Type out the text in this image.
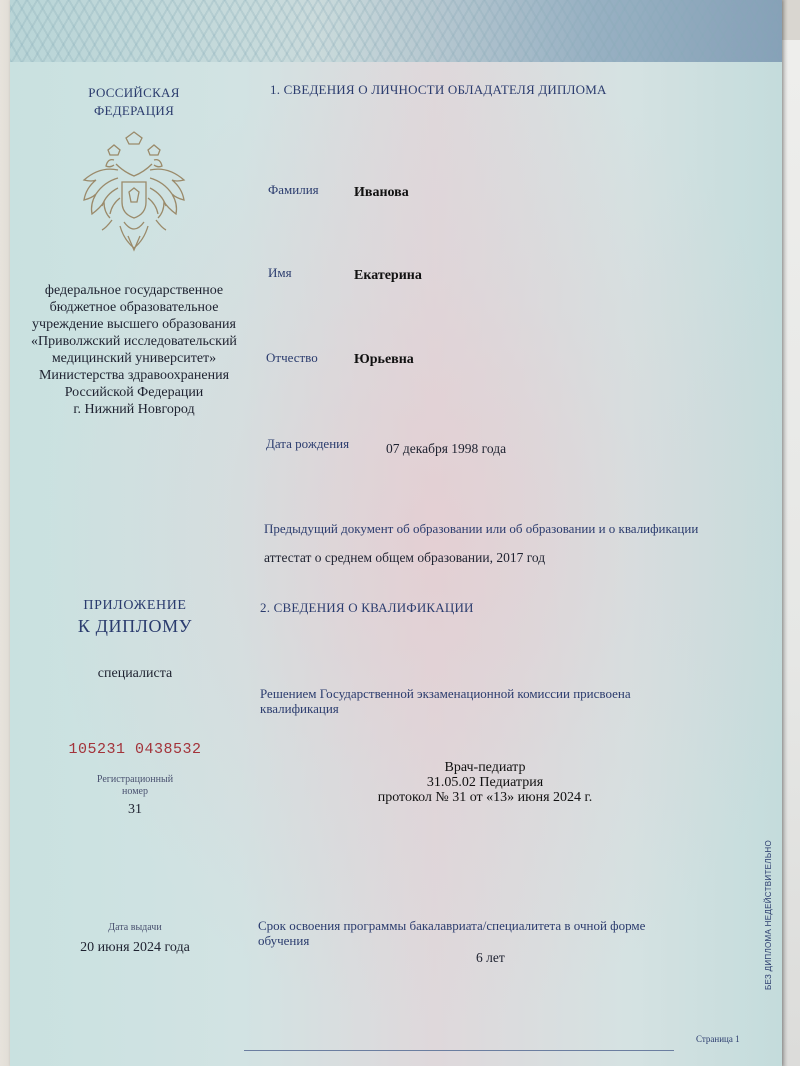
РОССИЙСКАЯ
ФЕДЕРАЦИЯ
федеральное государственное
бюджетное образовательное
учреждение высшего образования
«Приволжский исследовательский
медицинский университет»
Министерства здравоохранения
Российской Федерации
г. Нижний Новгород
ПРИЛОЖЕНИЕ
К ДИПЛОМУ
специалиста
105231 0438532
Регистрационный
номер
31
Дата выдачи
20 июня 2024 года
1. СВЕДЕНИЯ О ЛИЧНОСТИ ОБЛАДАТЕЛЯ ДИПЛОМА
Фамилия	Иванова
Имя	Екатерина
Отчество	Юрьевна
Дата рождения	07 декабря 1998 года
Предыдущий документ об образовании или об образовании и о квалификации
аттестат о среднем общем образовании, 2017 год
2. СВЕДЕНИЯ О КВАЛИФИКАЦИИ
Решением Государственной экзаменационной комиссии присвоена
квалификация
Врач-педиатр
31.05.02 Педиатрия
протокол № 31 от «13» июня 2024 г.
Срок освоения программы бакалавриата/специалитета в очной форме
обучения
6 лет	БЕЗ ДИПЛОМА НЕДЕЙСТВИТЕЛЬНО
Страница 1
